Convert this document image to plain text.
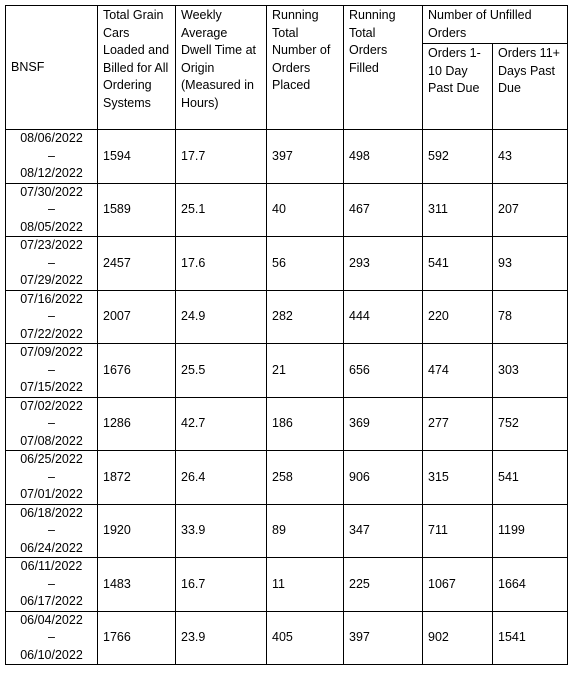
BNSF	Total Grain Cars Loaded and Billed for All Ordering Systems	Weekly Average Dwell Time at Origin (Measured in Hours)	Running Total Number of Orders Placed	Running Total Orders Filled	Number of Unfilled Orders	
					Orders 1-10 Day Past Due	Orders 11+ Days Past Due

08/06/2022
–
08/12/2022	1594	17.7	397	498	592	43

07/30/2022
–
08/05/2022	1589	25.1	40	467	311	207

07/23/2022
–
07/29/2022	2457	17.6	56	293	541	93

07/16/2022
–
07/22/2022	2007	24.9	282	444	220	78

07/09/2022
–
07/15/2022	1676	25.5	21	656	474	303

07/02/2022
–
07/08/2022	1286	42.7	186	369	277	752

06/25/2022
–
07/01/2022	1872	26.4	258	906	315	541

06/18/2022
–
06/24/2022	1920	33.9	89	347	711	1199

06/11/2022
–
06/17/2022	1483	16.7	11	225	1067	1664

06/04/2022
–
06/10/2022	1766	23.9	405	397	902	1541
